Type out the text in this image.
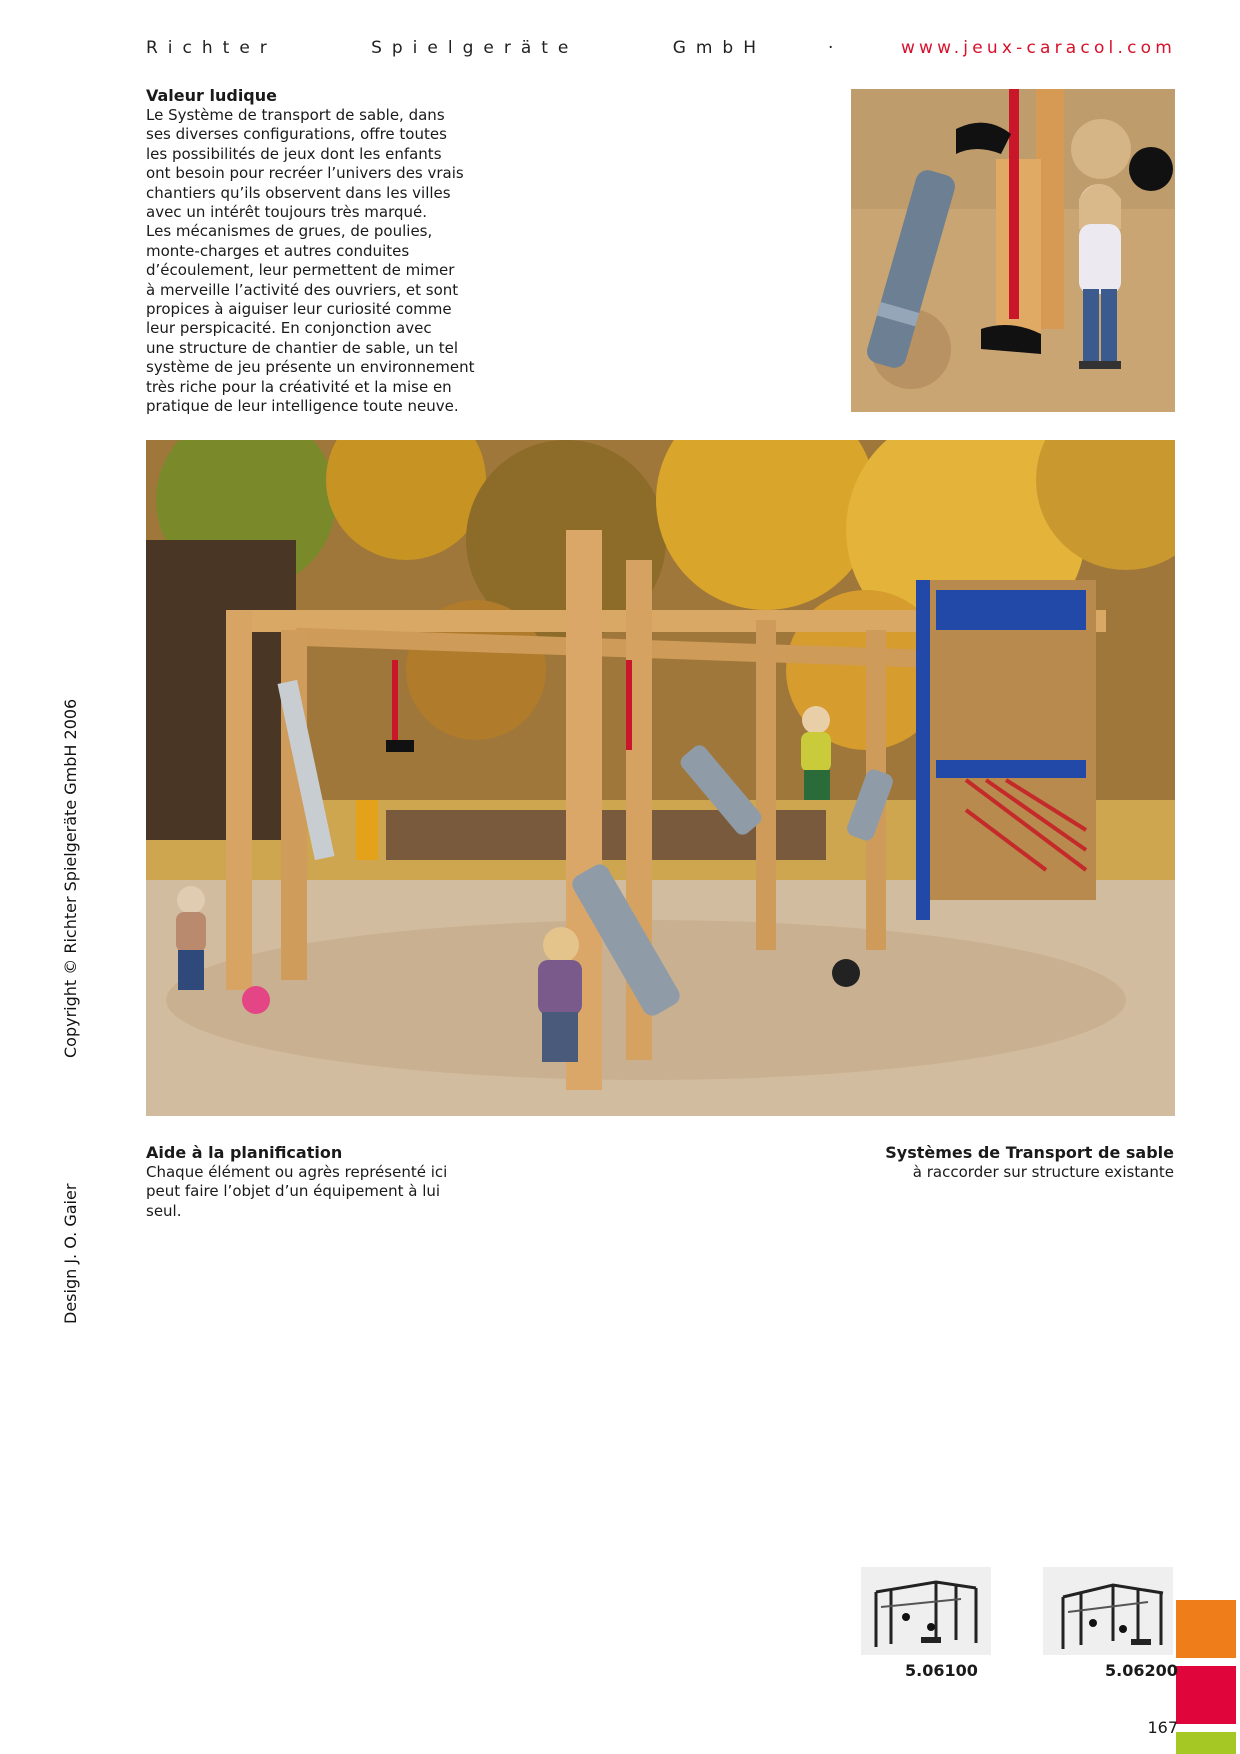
Richter	Spielgeräte	GmbH	·	www.jeux-caracol.com
Copyright © Richter Spielgeräte GmbH 2006
Design J. O. Gaier

Valeur ludique

Le Système de transport de sable, dans
ses diverses configurations, offre toutes
les possibilités de jeux dont les enfants
ont besoin pour recréer l’univers des vrais
chantiers qu’ils observent dans les villes
avec un intérêt toujours très marqué.
Les mécanismes de grues, de poulies,
monte-charges et autres conduites
d’écoulement, leur permettent de mimer
à merveille l’activité des ouvriers, et sont
propices à aiguiser leur curiosité comme
leur perspicacité. En conjonction avec
une structure de chantier de sable, un tel
système de jeu présente un environnement
très riche pour la créativité et la mise en
pratique de leur intelligence toute neuve.

Aide à la planification

Chaque élément ou agrès représenté ici
peut faire l’objet d’un équipement à lui
seul.

Systèmes de Transport de sable

à raccorder sur structure existante

5.06100	5.06200
167
